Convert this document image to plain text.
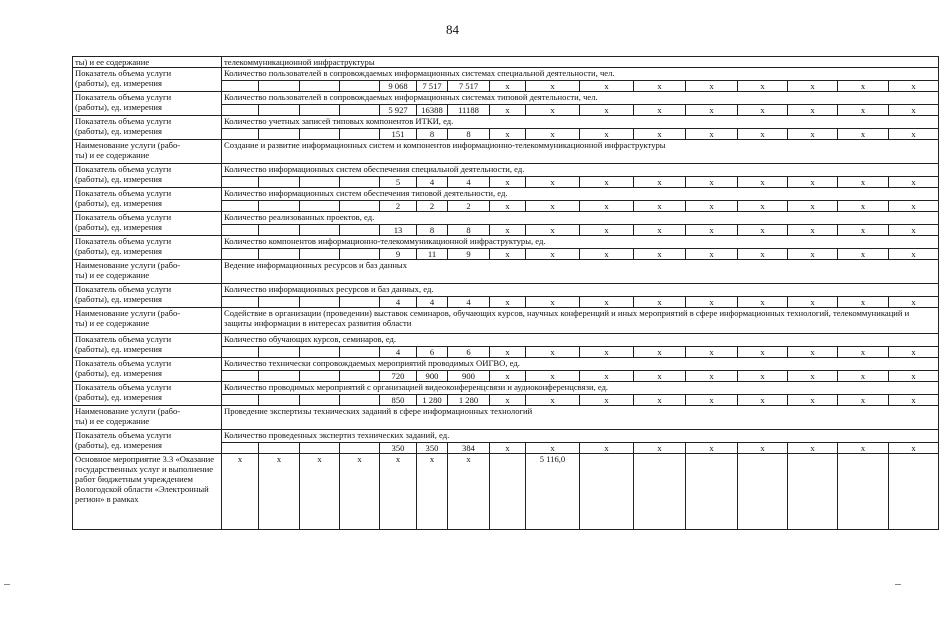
84
ты) и ее содержание	телекоммуникационной инфраструктуры															

Показатель объема услуги
(работы), ед. измерения	Количество пользователей в сопровождаемых информационных системах специальной деятельности, чел.															
					9 068	7 517	7 517	x	x	x	x	x	x	x	x	x

Показатель объема услуги
(работы), ед. измерения	Количество пользователей в сопровождаемых информационных системах типовой деятельности, чел.															
					5 927	16388	11188	x	x	x	x	x	x	x	x	x

Показатель объема услуги
(работы), ед. измерения	Количество учетных записей типовых компонентов ИТКИ, ед.															
					151	8	8	x	x	x	x	x	x	x	x	x

Наименование услуги (рабо-
ты) и ее содержание	Создание и развитие информационных систем и компонентов информационно-телекоммуникационной инфраструктуры															

Показатель объема услуги
(работы), ед. измерения	Количество информационных систем обеспечения специальной деятельности, ед.															
					5	4	4	x	x	x	x	x	x	x	x	x

Показатель объема услуги
(работы), ед. измерения	Количество информационных систем обеспечения типовой деятельности, ед.															
					2	2	2	x	x	x	x	x	x	x	x	x

Показатель объема услуги
(работы), ед. измерения	Количество реализованных проектов, ед.															
					13	8	8	x	x	x	x	x	x	x	x	x

Показатель объема услуги
(работы), ед. измерения	Количество компонентов информационно-телекоммуникационной инфраструктуры, ед.															
					9	11	9	x	x	x	x	x	x	x	x	x

Наименование услуги (рабо-
ты) и ее содержание	Ведение информационных ресурсов и баз данных															

Показатель объема услуги
(работы), ед. измерения	Количество информационных ресурсов и баз данных, ед.															
					4	4	4	x	x	x	x	x	x	x	x	x

Наименование услуги (рабо-
ты) и ее содержание	Содействие в организации (проведении) выставок семинаров, обучающих курсов, научных конференций и иных мероприятий в сфере информационных технологий, телекоммуникаций и защиты информации в интересах развития области															

Показатель объема услуги
(работы), ед. измерения	Количество обучающих курсов, семинаров, ед.															
					4	6	6	x	x	x	x	x	x	x	x	x

Показатель объема услуги
(работы), ед. измерения	Количество технически сопровождаемых мероприятий проводимых ОИГВО, ед.															
					720	900	900	x	x	x	x	x	x	x	x	x

Показатель объема услуги
(работы), ед. измерения	Количество проводимых мероприятий с организацией видеоконференцсвязи и аудиоконференцсвязи, ед.															
					850	1 280	1 280	x	x	x	x	x	x	x	x	x

Наименование услуги (рабо-
ты) и ее содержание	Проведение экспертизы технических заданий в сфере информационных технологий															

Показатель объема услуги
(работы), ед. измерения	Количество проведенных экспертиз технических заданий, ед.															
					350	350	384	x	x	x	x	x	x	x	x	x
Основное мероприятие 3.3 «Оказание государственных услуг и выполнение работ бюджетным учреждением Вологодской области «Электронный регион» в рамках	x	x	x	x	x	x	x		5 116,0							
